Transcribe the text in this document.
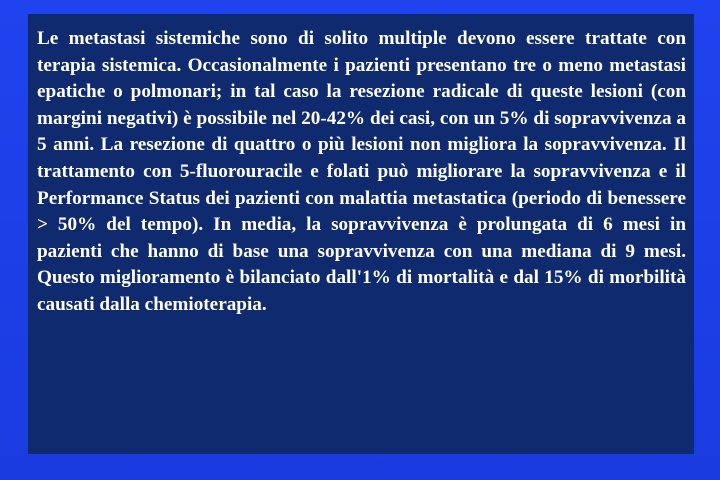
Le metastasi sistemiche sono di solito multiple devono essere trattate con terapia sistemica. Occasionalmente i pazienti presentano tre o meno metastasi epatiche o polmonari; in tal caso la resezione radicale di queste lesioni (con margini negativi) è possibile nel 20-42% dei casi, con un 5% di sopravvivenza a 5 anni. La resezione di quattro o più lesioni non migliora la sopravvivenza. Il trattamento con 5-fluorouracile e folati può migliorare la sopravvivenza e il Performance Status dei pazienti con malattia metastatica (periodo di benessere > 50% del tempo). In media, la sopravvivenza è prolungata di 6 mesi in pazienti che hanno di base una sopravvivenza con una mediana di 9 mesi. Questo miglioramento è bilanciato dall'1% di mortalità e dal 15% di morbilità causati dalla chemioterapia.
